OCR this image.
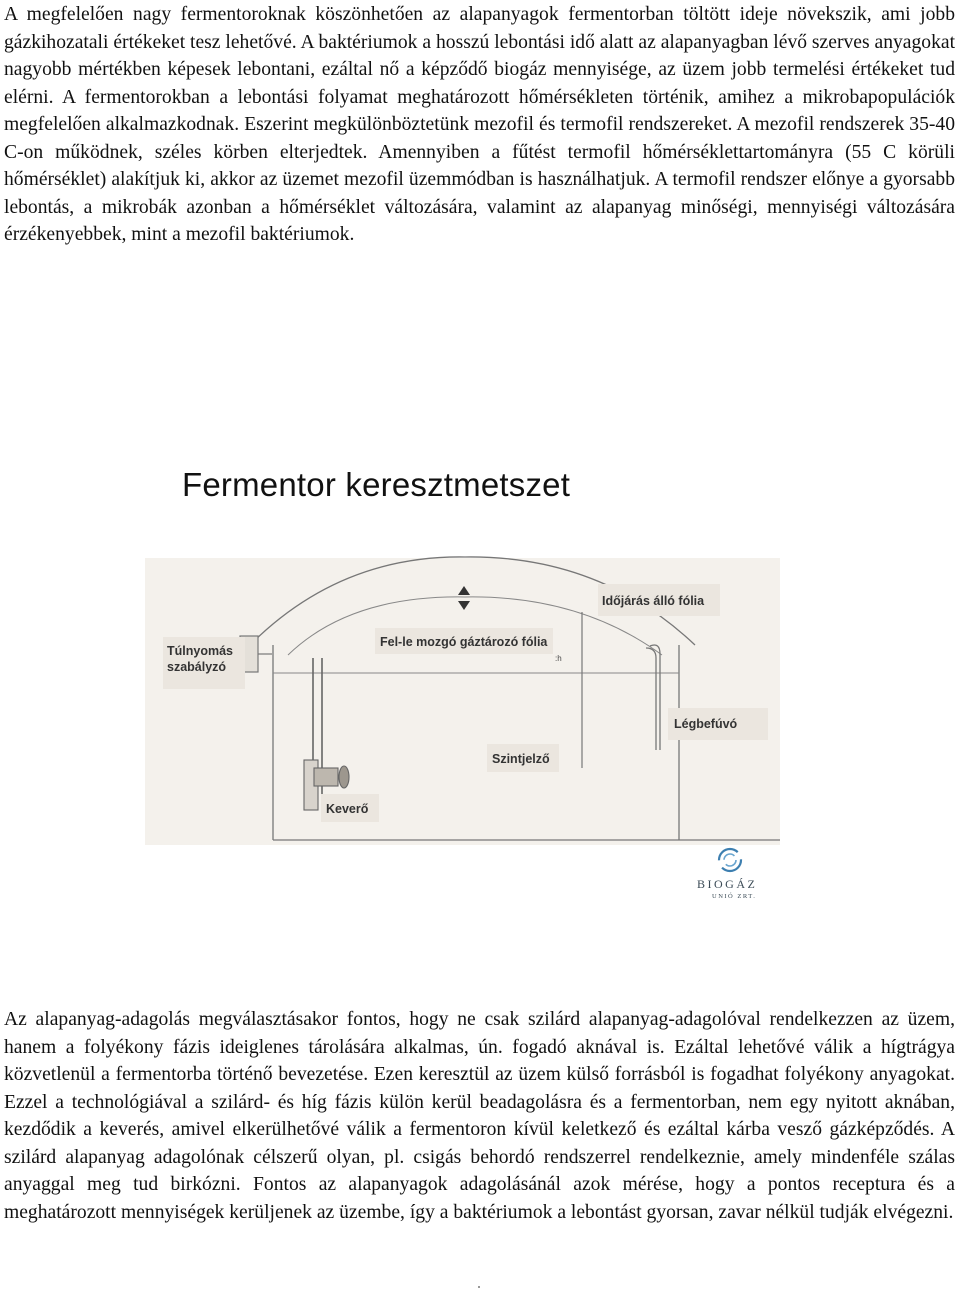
A megfelelően nagy fermentoroknak köszönhetően az alapanyagok fermentorban töltött ideje növekszik, ami jobb gázkihozatali értékeket tesz lehetővé. A baktériumok a hosszú lebontási idő alatt az alapanyagban lévő szerves anyagokat nagyobb mértékben képesek lebontani, ezáltal nő a képződő biogáz mennyisége, az üzem jobb termelési értékeket tud elérni. A fermentorokban a lebontási folyamat meghatározott hőmérsékleten történik, amihez a mikrobapopulációk megfelelően alkalmazkodnak. Eszerint megkülönböztetünk mezofil és termofil rendszereket. A mezofil rendszerek 35-40 C-on működnek, széles körben elterjedtek. Amennyiben a fűtést termofil hőmérséklettartományra (55 C körüli hőmérséklet) alakítjuk ki, akkor az üzemet mezofil üzemmódban is használhatjuk. A termofil rendszer előnye a gyorsabb lebontás, a mikrobák azonban a hőmérséklet változására, valamint az alapanyag minőségi, mennyiségi változására érzékenyebbek, mint a mezofil baktériumok.

Fermentor keresztmetszet
Időjárás álló fólia
Túlnyomás
szabályzó
Fel-le mozgó gáztározó fólia
:h
Légbefúvó
Szintjelző
Keverő
BIOGÁZ
UNIÓ ZRT.

Az alapanyag-adagolás megválasztásakor fontos, hogy ne csak szilárd alapanyag-adagolóval rendelkezzen az üzem, hanem a folyékony fázis ideiglenes tárolására alkalmas, ún. fogadó aknával is. Ezáltal lehetővé válik a hígtrágya közvetlenül a fermentorba történő bevezetése. Ezen keresztül az üzem külső forrásból is fogadhat folyékony anyagokat. Ezzel a technológiával a szilárd- és híg fázis külön kerül beadagolásra és a fermentorban, nem egy nyitott aknában, kezdődik a keverés, amivel elkerülhetővé válik a fermentoron kívül keletkező és ezáltal kárba vesző gázképződés. A szilárd alapanyag adagolónak célszerű olyan, pl. csigás behordó rendszerrel rendelkeznie, amely mindenféle szálas anyaggal meg tud birkózni. Fontos az alapanyagok adagolásánál azok mérése, hogy a pontos receptura és a meghatározott mennyiségek kerüljenek az üzembe, így a baktériumok a lebontást gyorsan, zavar nélkül tudják elvégezni.
